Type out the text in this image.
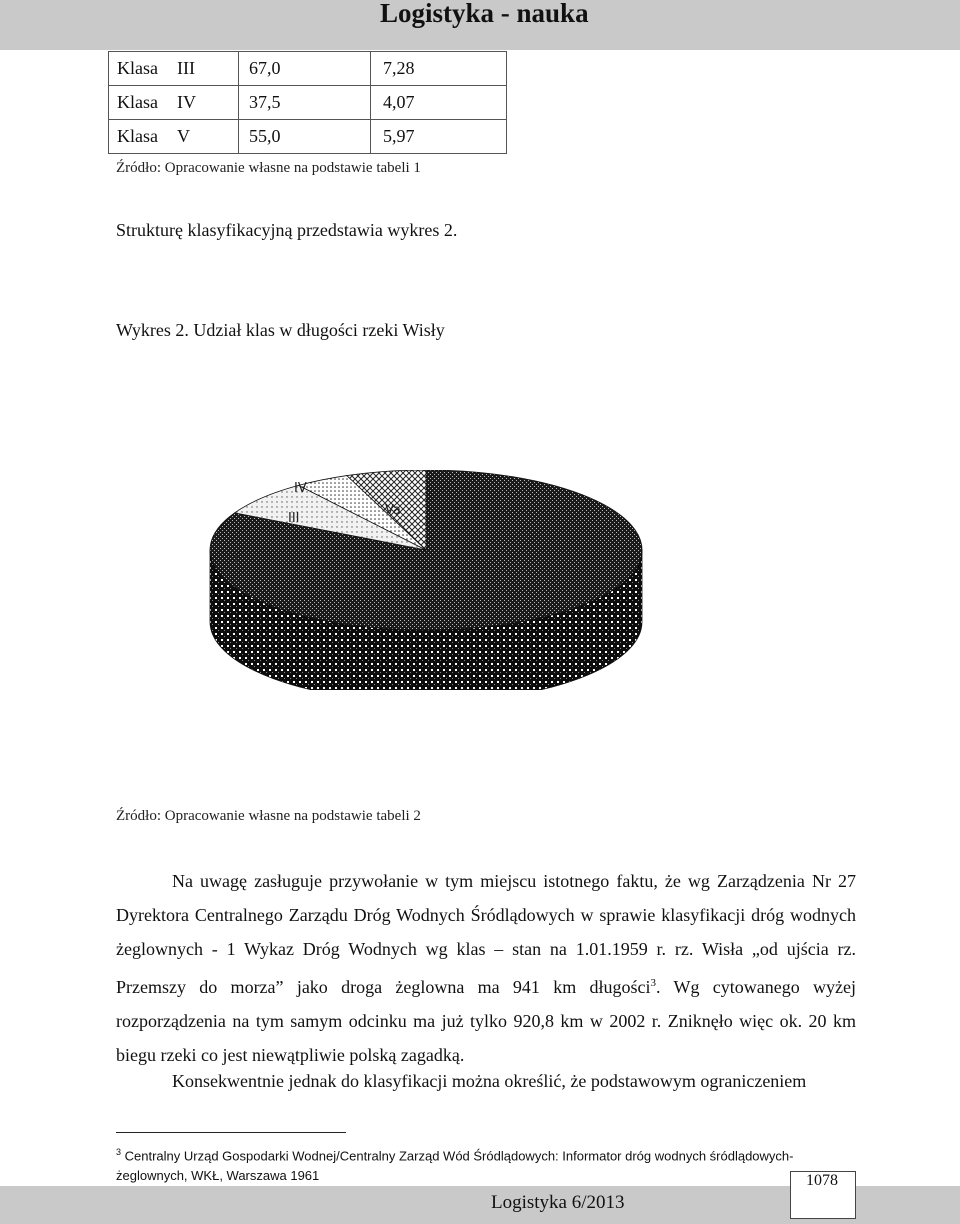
Logistyka - nauka
Klasa III	67,0	7,28
Klasa IV	37,5	4,07
Klasa V	55,0	5,97
Źródło: Opracowanie własne na podstawie tabeli 1
Strukturę klasyfikacyjną przedstawia wykres 2.
Wykres 2. Udział klas w długości rzeki Wisły
IV
III
Va
I
Źródło: Opracowanie własne na podstawie tabeli 2
Na uwagę zasługuje przywołanie w tym miejscu istotnego faktu, że wg Zarządzenia Nr 27 Dyrektora Centralnego Zarządu Dróg Wodnych Śródlądowych w sprawie klasyfikacji dróg wodnych żeglownych - 1 Wykaz Dróg Wodnych wg klas – stan na 1.01.1959 r. rz. Wisła „od ujścia rz. Przemszy do morza” jako droga żeglowna ma 941 km długości$^3$. Wg cytowanego wyżej rozporządzenia na tym samym odcinku ma już tylko 920,8 km w 2002 r. Zniknęło więc ok. 20 km biegu rzeki co jest niewątpliwie polską zagadką.
Konsekwentnie jednak do klasyfikacji można określić, że podstawowym ograniczeniem
$^3$ Centralny Urząd Gospodarki Wodnej/Centralny Zarząd Wód Śródlądowych: Informator dróg wodnych śródlądowych-żeglownych, WKŁ, Warszawa 1961	1078
Logistyka 6/2013
